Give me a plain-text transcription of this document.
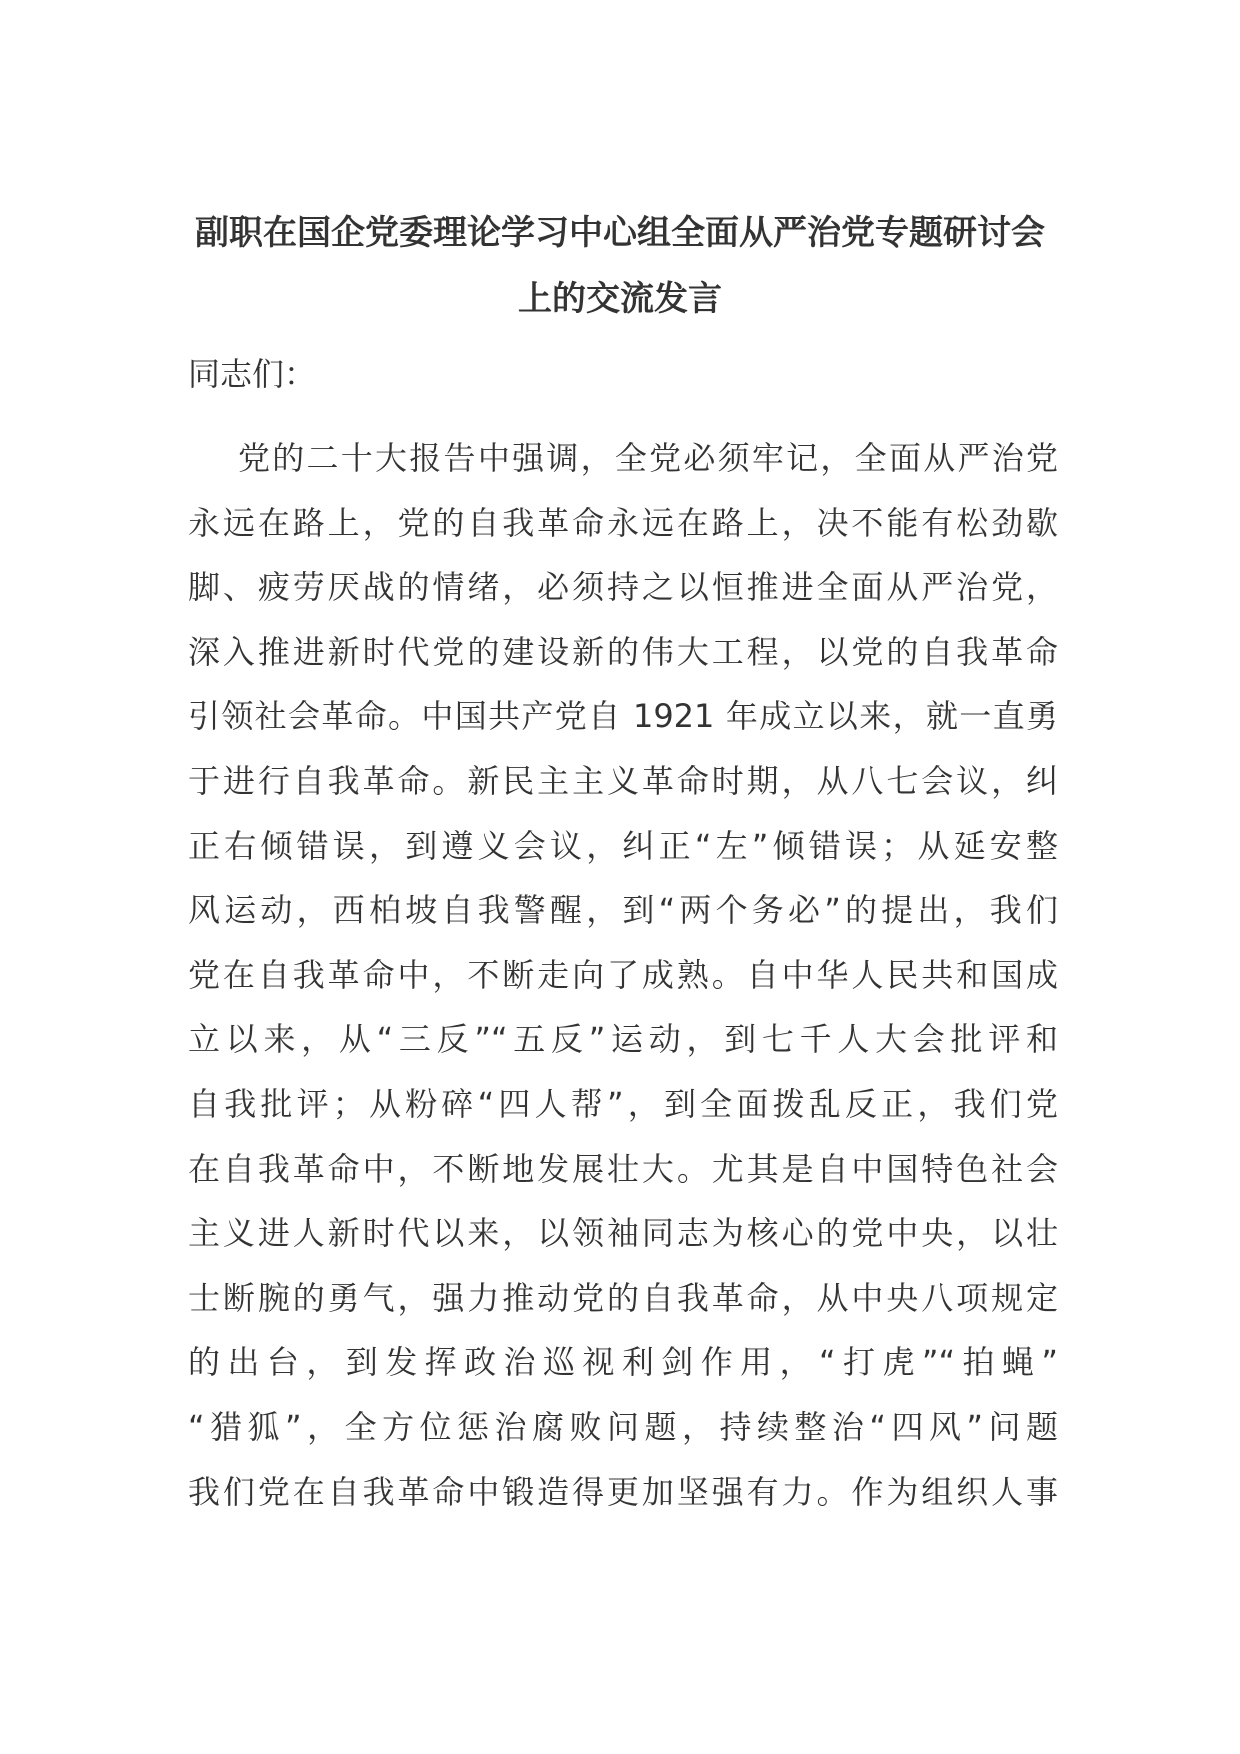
副职在国企党委理论学习中心组全面从严治党专题研讨会
上的交流发言

同志们：

党的二十大报告中强调，全党必须牢记，全面从严治党
永远在路上，党的自我革命永远在路上，决不能有松劲歇
脚、疲劳厌战的情绪，必须持之以恒推进全面从严治党，
深入推进新时代党的建设新的伟大工程，以党的自我革命
引领社会革命。中国共产党自 1921 年成立以来，就一直勇
于进行自我革命。新民主主义革命时期，从八七会议，纠
正右倾错误，到遵义会议，纠正“左”倾错误；从延安整
风运动，西柏坡自我警醒，到“两个务必”的提出，我们
党在自我革命中，不断走向了成熟。自中华人民共和国成
立以来，从“三反”“五反”运动，到七千人大会批评和
自我批评；从粉碎“四人帮”，到全面拨乱反正，我们党
在自我革命中，不断地发展壮大。尤其是自中国特色社会
主义进人新时代以来，以领袖同志为核心的党中央，以壮
士断腕的勇气，强力推动党的自我革命，从中央八项规定
的出台，到发挥政治巡视利剑作用，“打虎”“拍蝇”
“猎狐”，全方位惩治腐败问题，持续整治“四风”问题
我们党在自我革命中锻造得更加坚强有力。作为组织人事
